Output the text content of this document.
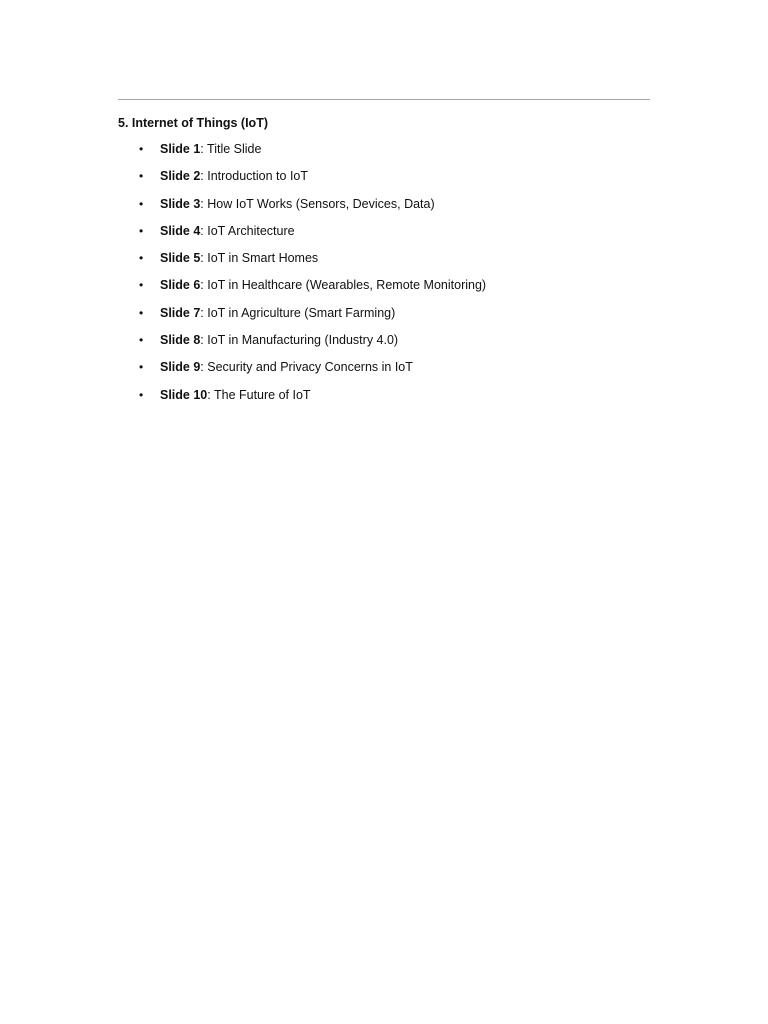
5. Internet of Things (IoT)
• Slide 1: Title Slide
• Slide 2: Introduction to IoT
• Slide 3: How IoT Works (Sensors, Devices, Data)
• Slide 4: IoT Architecture
• Slide 5: IoT in Smart Homes
• Slide 6: IoT in Healthcare (Wearables, Remote Monitoring)
• Slide 7: IoT in Agriculture (Smart Farming)
• Slide 8: IoT in Manufacturing (Industry 4.0)
• Slide 9: Security and Privacy Concerns in IoT
• Slide 10: The Future of IoT
